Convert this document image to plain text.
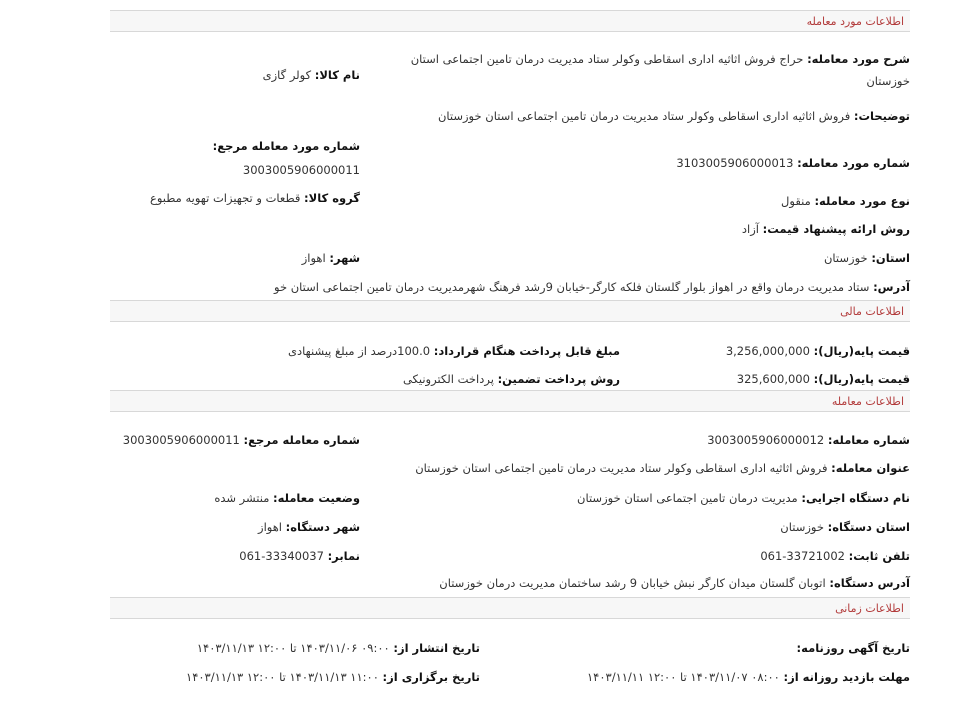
اطلاعات مورد معامله
شرح مورد معامله: حراج فروش اثاثیه اداری اسقاطی وکولر ستاد مدیریت درمان تامین اجتماعی استان خوزستان
نام کالا: کولر گازی
توضیحات: فروش اثاثیه اداری اسقاطی وکولر ستاد مدیریت درمان تامین اجتماعی استان خوزستان
شماره مورد معامله مرجع:
3003005906000011	شماره مورد معامله: 3103005906000013
گروه کالا: قطعات و تجهیزات تهویه مطبوع	نوع مورد معامله: منقول
روش ارائه پیشنهاد قیمت: آزاد
استان: خوزستان
شهر: اهواز
آدرس: ستاد مدیریت درمان واقع در اهواز بلوار گلستان فلکه کارگر-خیابان 9رشد فرهنگ شهرمدیریت درمان تامین اجتماعی استان خو
اطلاعات مالی
قیمت پایه(ریال): 3,256,000,000
مبلغ قابل پرداخت هنگام قرارداد: 100.0درصد از مبلغ پیشنهادی
قیمت پایه(ریال): 325,600,000
روش پرداخت تضمین: پرداخت الکترونیکی
اطلاعات معامله
شماره معامله: 3003005906000012
شماره معامله مرجع: 3003005906000011
عنوان معامله: فروش اثاثیه اداری اسقاطی وکولر ستاد مدیریت درمان تامین اجتماعی استان خوزستان
نام دستگاه اجرایی: مدیریت درمان تامین اجتماعی استان خوزستان
وضعیت معامله: منتشر شده
استان دستگاه: خوزستان
شهر دستگاه: اهواز
تلفن ثابت: 33721002-061
نمابر: 33340037-061
آدرس دستگاه: اتوبان گلستان میدان کارگر نبش خیابان 9 رشد ساختمان مدیریت درمان خوزستان
اطلاعات زمانی
تاریخ آگهی روزنامه:
تاریخ انتشار از: ۰۹:۰۰ ۱۴۰۳/۱۱/۰۶ تا ۱۲:۰۰ ۱۴۰۳/۱۱/۱۳
مهلت بازدید روزانه از: ۰۸:۰۰ ۱۴۰۳/۱۱/۰۷ تا ۱۲:۰۰ ۱۴۰۳/۱۱/۱۱
تاریخ برگزاری از: ۱۱:۰۰ ۱۴۰۳/۱۱/۱۳ تا ۱۲:۰۰ ۱۴۰۳/۱۱/۱۳
